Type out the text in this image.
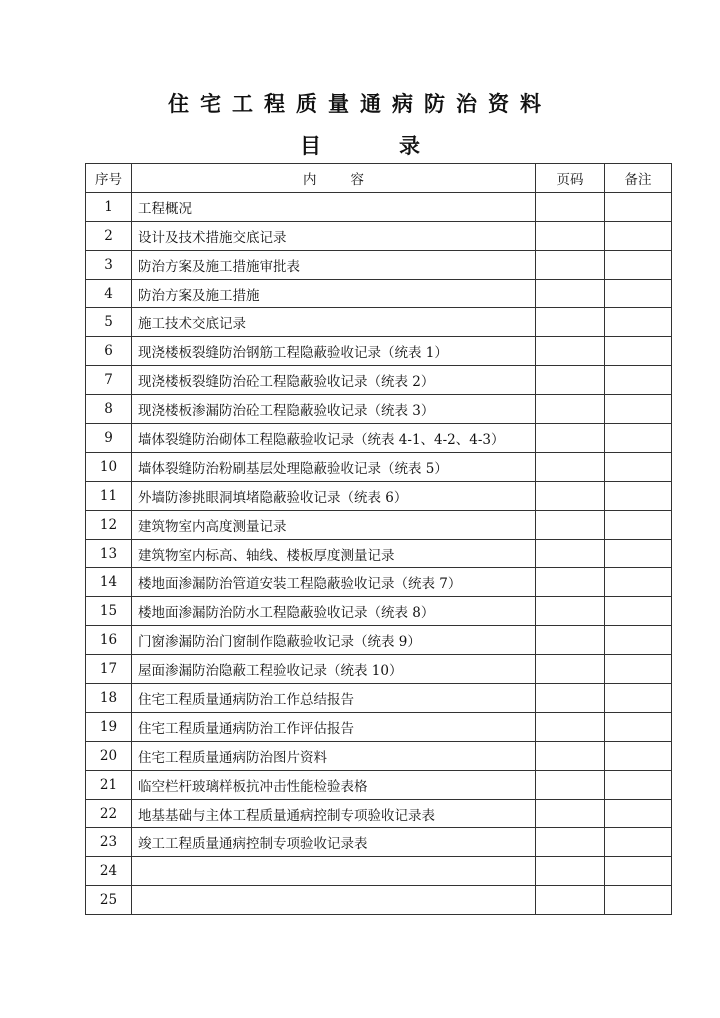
住宅工程质量通病防治资料
目	录
序号	内 容	页码	备注
1	工程概况		
2	设计及技术措施交底记录		
3	防治方案及施工措施审批表		
4	防治方案及施工措施		
5	施工技术交底记录		
6	现浇楼板裂缝防治钢筋工程隐蔽验收记录（统表 1）		
7	现浇楼板裂缝防治砼工程隐蔽验收记录（统表 2）		
8	现浇楼板渗漏防治砼工程隐蔽验收记录（统表 3）		
9	墙体裂缝防治砌体工程隐蔽验收记录（统表 4-1、4-2、4-3）		
10	墙体裂缝防治粉刷基层处理隐蔽验收记录（统表 5）		
11	外墙防渗挑眼洞填堵隐蔽验收记录（统表 6）		
12	建筑物室内高度测量记录		
13	建筑物室内标高、轴线、楼板厚度测量记录		
14	楼地面渗漏防治管道安装工程隐蔽验收记录（统表 7）		
15	楼地面渗漏防治防水工程隐蔽验收记录（统表 8）		
16	门窗渗漏防治门窗制作隐蔽验收记录（统表 9）		
17	屋面渗漏防治隐蔽工程验收记录（统表 10）		
18	住宅工程质量通病防治工作总结报告		
19	住宅工程质量通病防治工作评估报告		
20	住宅工程质量通病防治图片资料		
21	临空栏杆玻璃样板抗冲击性能检验表格		
22	地基基础与主体工程质量通病控制专项验收记录表		
23	竣工工程质量通病控制专项验收记录表		
24			
25			
